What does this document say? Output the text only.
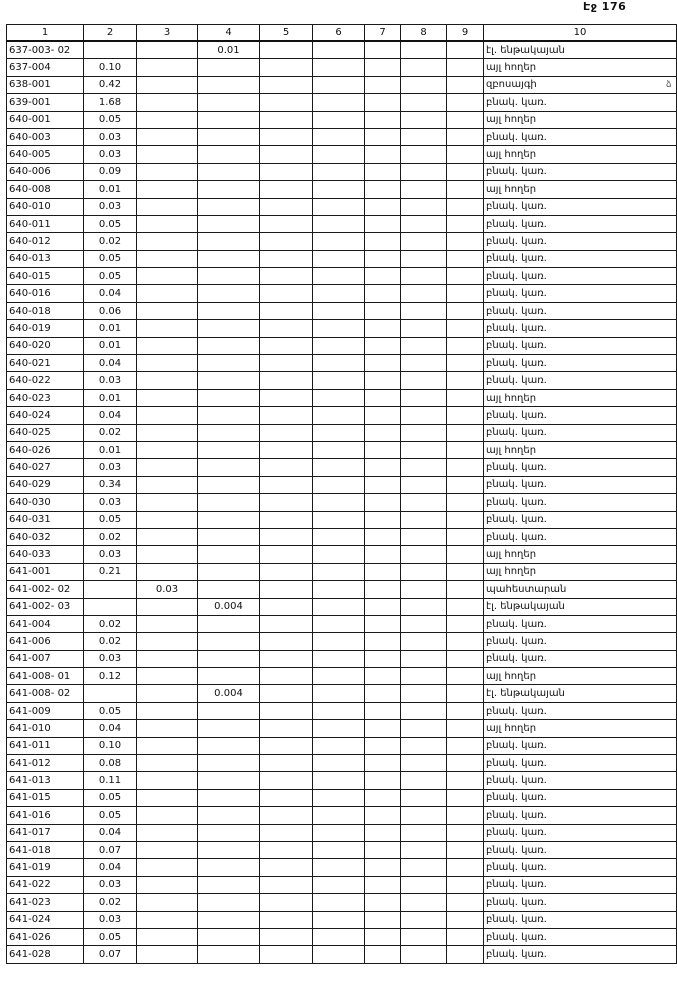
Էջ 176
ձ
1	2	3	4	5	6	7	8	9	10
637-003- 02			0.01						էլ. ենթակայան
637-004	0.10								այլ հողեր
638-001	0.42								զբոսայգի
639-001	1.68								բնակ. կառ.
640-001	0.05								այլ հողեր
640-003	0.03								բնակ. կառ.
640-005	0.03								այլ հողեր
640-006	0.09								բնակ. կառ.
640-008	0.01								այլ հողեր
640-010	0.03								բնակ. կառ.
640-011	0.05								բնակ. կառ.
640-012	0.02								բնակ. կառ.
640-013	0.05								բնակ. կառ.
640-015	0.05								բնակ. կառ.
640-016	0.04								բնակ. կառ.
640-018	0.06								բնակ. կառ.
640-019	0.01								բնակ. կառ.
640-020	0.01								բնակ. կառ.
640-021	0.04								բնակ. կառ.
640-022	0.03								բնակ. կառ.
640-023	0.01								այլ հողեր
640-024	0.04								բնակ. կառ.
640-025	0.02								բնակ. կառ.
640-026	0.01								այլ հողեր
640-027	0.03								բնակ. կառ.
640-029	0.34								բնակ. կառ.
640-030	0.03								բնակ. կառ.
640-031	0.05								բնակ. կառ.
640-032	0.02								բնակ. կառ.
640-033	0.03								այլ հողեր
641-001	0.21								այլ հողեր
641-002- 02		0.03							պահեստարան
641-002- 03			0.004						էլ. ենթակայան
641-004	0.02								բնակ. կառ.
641-006	0.02								բնակ. կառ.
641-007	0.03								բնակ. կառ.
641-008- 01	0.12								այլ հողեր
641-008- 02			0.004						էլ. ենթակայան
641-009	0.05								բնակ. կառ.
641-010	0.04								այլ հողեր
641-011	0.10								բնակ. կառ.
641-012	0.08								բնակ. կառ.
641-013	0.11								բնակ. կառ.
641-015	0.05								բնակ. կառ.
641-016	0.05								բնակ. կառ.
641-017	0.04								բնակ. կառ.
641-018	0.07								բնակ. կառ.
641-019	0.04								բնակ. կառ.
641-022	0.03								բնակ. կառ.
641-023	0.02								բնակ. կառ.
641-024	0.03								բնակ. կառ.
641-026	0.05								բնակ. կառ.
641-028	0.07								բնակ. կառ.
